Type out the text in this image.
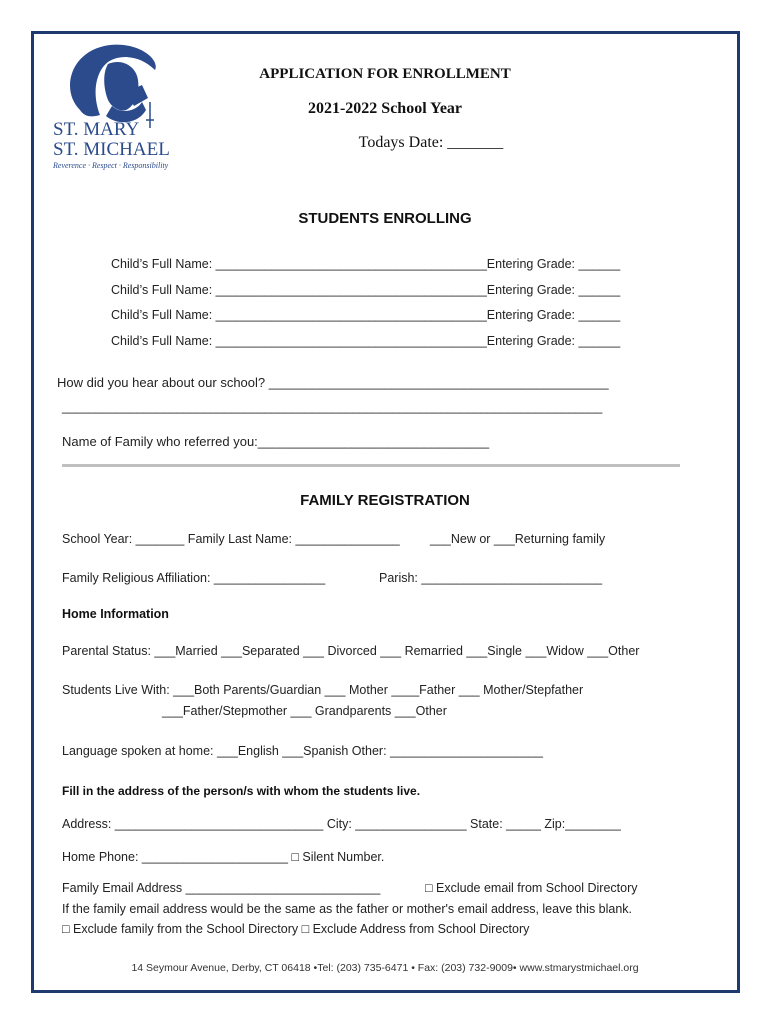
ST. MARY
ST. MICHAEL
Reverence · Respect · Responsibility
APPLICATION FOR ENROLLMENT
2021-2022 School Year
Todays Date: _______
STUDENTS ENROLLING
Child’s Full Name: _______________________________________Entering Grade: ______
Child’s Full Name: _______________________________________Entering Grade: ______
Child’s Full Name: _______________________________________Entering Grade: ______
Child’s Full Name: _______________________________________Entering Grade: ______
How did you hear about our school? _______________________________________________
________________________________________________________________________________
Name of Family who referred you:________________________________
FAMILY REGISTRATION
School Year: _______ Family Last Name: _______________ ___New or ___Returning family
Family Religious Affiliation: ________________	Parish: __________________________
Home Information
Parental Status: ___Married ___Separated ___ Divorced ___ Remarried ___Single ___Widow ___Other
Students Live With: ___Both Parents/Guardian ___ Mother ____Father ___ Mother/Stepfather
___Father/Stepmother ___ Grandparents ___Other
Language spoken at home: ___English ___Spanish Other: ______________________
Fill in the address of the person/s with whom the students live.
Address: ______________________________ City: ________________ State: _____ Zip:________
Home Phone: _____________________ □ Silent Number.
Family Email Address ____________________________	□ Exclude email from School Directory
If the family email address would be the same as the father or mother's email address, leave this blank.
□ Exclude family from the School Directory □ Exclude Address from School Directory
14 Seymour Avenue, Derby, CT 06418 •Tel: (203) 735-6471 • Fax: (203) 732-9009• www.stmarystmichael.org
